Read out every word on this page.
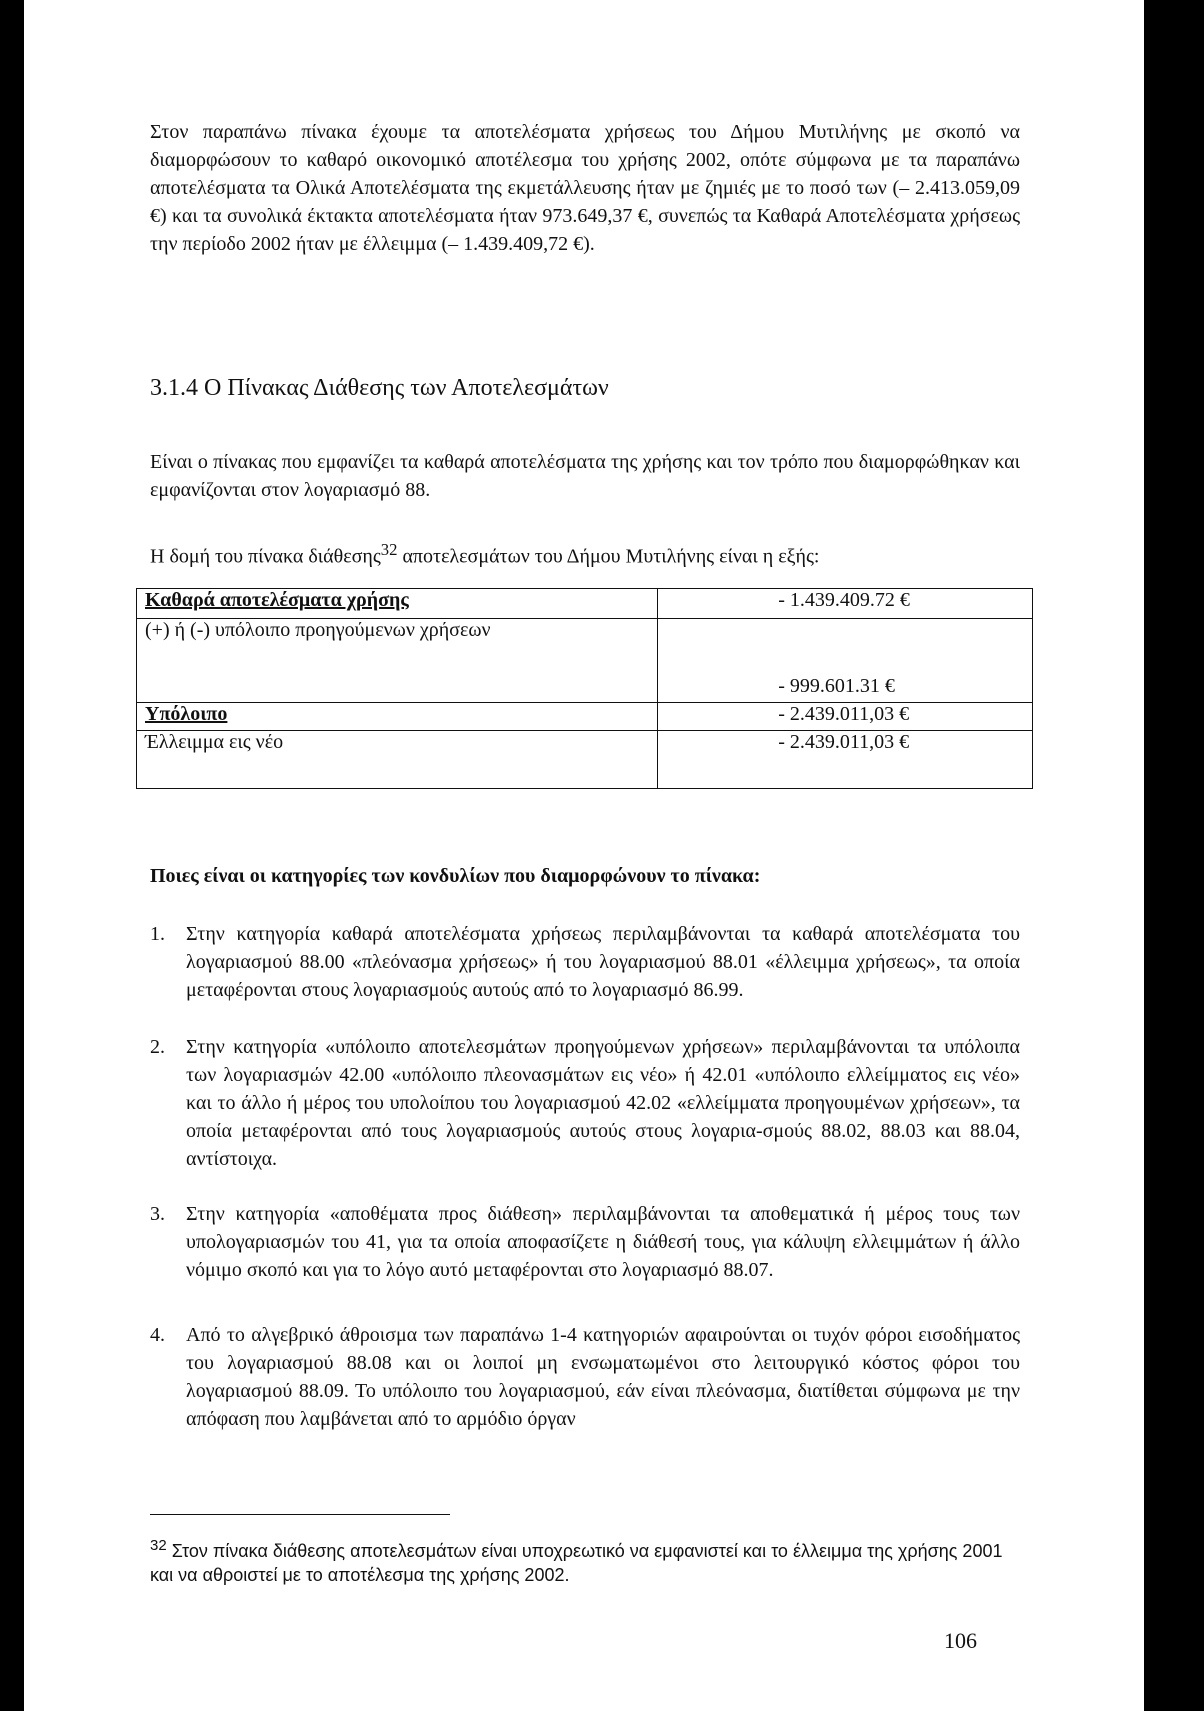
Στον παραπάνω πίνακα έχουμε τα αποτελέσματα χρήσεως του Δήμου Μυτιλήνης με σκοπό να διαμορφώσουν το καθαρό οικονομικό αποτέλεσμα του χρήσης 2002, οπότε σύμφωνα με τα παραπάνω αποτελέσματα τα Ολικά Αποτελέσματα της εκμετάλλευσης ήταν με ζημιές με το ποσό των (– 2.413.059,09 €) και τα συνολικά έκτακτα αποτελέσματα ήταν 973.649,37 €, συνεπώς τα Καθαρά Αποτελέσματα χρήσεως την περίοδο 2002 ήταν με έλλειμμα (– 1.439.409,72 €).
3.1.4 Ο Πίνακας Διάθεσης των Αποτελεσμάτων
Είναι ο πίνακας που εμφανίζει τα καθαρά αποτελέσματα της χρήσης και τον τρόπο που διαμορφώθηκαν και εμφανίζονται στον λογαριασμό 88.
Η δομή του πίνακα διάθεσης$^{32}$ αποτελεσμάτων του Δήμου Μυτιλήνης είναι η εξής:
Καθαρά αποτελέσματα χρήσης	- 1.439.409.72 €
(+) ή (-) υπόλοιπο προηγούμενων χρήσεων	- 999.601.31 €
Υπόλοιπο	- 2.439.011,03 €
Έλλειμμα εις νέο	- 2.439.011,03 €
Ποιες είναι οι κατηγορίες των κονδυλίων που διαμορφώνουν το πίνακα:
1. Στην κατηγορία καθαρά αποτελέσματα χρήσεως περιλαμβάνονται τα καθαρά αποτελέσματα του λογαριασμού 88.00 «πλεόνασμα χρήσεως» ή του λογαριασμού 88.01 «έλλειμμα χρήσεως», τα οποία μεταφέρονται στους λογαριασμούς αυτούς από το λογαριασμό 86.99.
2. Στην κατηγορία «υπόλοιπο αποτελεσμάτων προηγούμενων χρήσεων» περιλαμβάνονται τα υπόλοιπα των λογαριασμών 42.00 «υπόλοιπο πλεονασμάτων εις νέο» ή 42.01 «υπόλοιπο ελλείμματος εις νέο» και το άλλο ή μέρος του υπολοίπου του λογαριασμού 42.02 «ελλείμματα προηγουμένων χρήσεων», τα οποία μεταφέρονται από τους λογαριασμούς αυτούς στους λογαρια-σμούς 88.02, 88.03 και 88.04, αντίστοιχα.
3. Στην κατηγορία «αποθέματα προς διάθεση» περιλαμβάνονται τα αποθεματικά ή μέρος τους των υπολογαριασμών του 41, για τα οποία αποφασίζετε η διάθεσή τους, για κάλυψη ελλειμμάτων ή άλλο νόμιμο σκοπό και για το λόγο αυτό μεταφέρονται στο λογαριασμό 88.07.
4. Από το αλγεβρικό άθροισμα των παραπάνω 1-4 κατηγοριών αφαιρούνται οι τυχόν φόροι εισοδήματος του λογαριασμού 88.08 και οι λοιποί μη ενσωματωμένοι στο λειτουργικό κόστος φόροι του λογαριασμού 88.09. Το υπόλοιπο του λογαριασμού, εάν είναι πλεόνασμα, διατίθεται σύμφωνα με την απόφαση που λαμβάνεται από το αρμόδιο όργαν
$^{32}$ Στον πίνακα διάθεσης αποτελεσμάτων είναι υποχρεωτικό να εμφανιστεί και το έλλειμμα της χρήσης 2001 και να αθροιστεί με το αποτέλεσμα της χρήσης 2002.
106
